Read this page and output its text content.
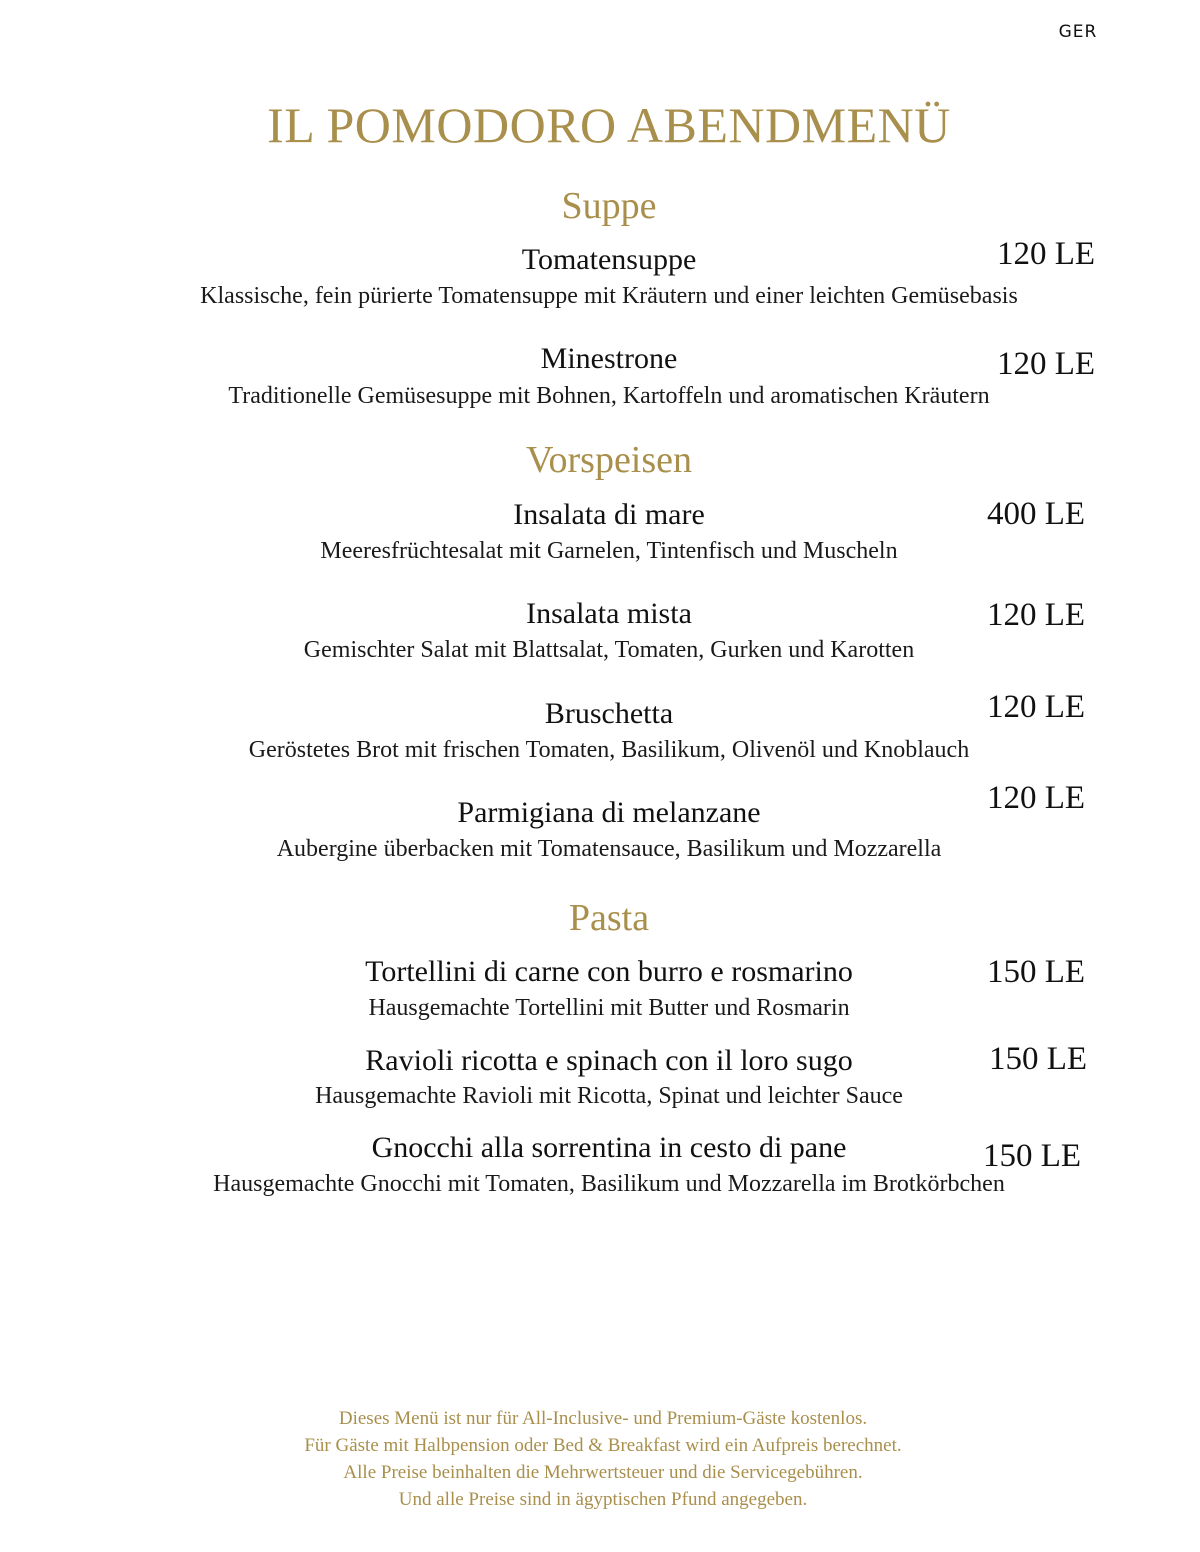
GER
IL POMODORO ABENDMENÜ
Suppe
Tomatensuppe	120 LE
Klassische, fein pürierte Tomatensuppe mit Kräutern und einer leichten Gemüsebasis
Minestrone	120 LE
Traditionelle Gemüsesuppe mit Bohnen, Kartoffeln und aromatischen Kräutern
Vorspeisen
Insalata di mare	400 LE
Meeresfrüchtesalat mit Garnelen, Tintenfisch und Muscheln
Insalata mista	120 LE
Gemischter Salat mit Blattsalat, Tomaten, Gurken und Karotten
Bruschetta	120 LE
Geröstetes Brot mit frischen Tomaten, Basilikum, Olivenöl und Knoblauch
Parmigiana di melanzane	120 LE
Aubergine überbacken mit Tomatensauce, Basilikum und Mozzarella
Pasta
Tortellini di carne con burro e rosmarino	150 LE
Hausgemachte Tortellini mit Butter und Rosmarin
Ravioli ricotta e spinach con il loro sugo	150 LE
Hausgemachte Ravioli mit Ricotta, Spinat und leichter Sauce
Gnocchi alla sorrentina in cesto di pane	150 LE
Hausgemachte Gnocchi mit Tomaten, Basilikum und Mozzarella im Brotkörbchen
Dieses Menü ist nur für All-Inclusive- und Premium-Gäste kostenlos.
Für Gäste mit Halbpension oder Bed & Breakfast wird ein Aufpreis berechnet.
Alle Preise beinhalten die Mehrwertsteuer und die Servicegebühren.
Und alle Preise sind in ägyptischen Pfund angegeben.
